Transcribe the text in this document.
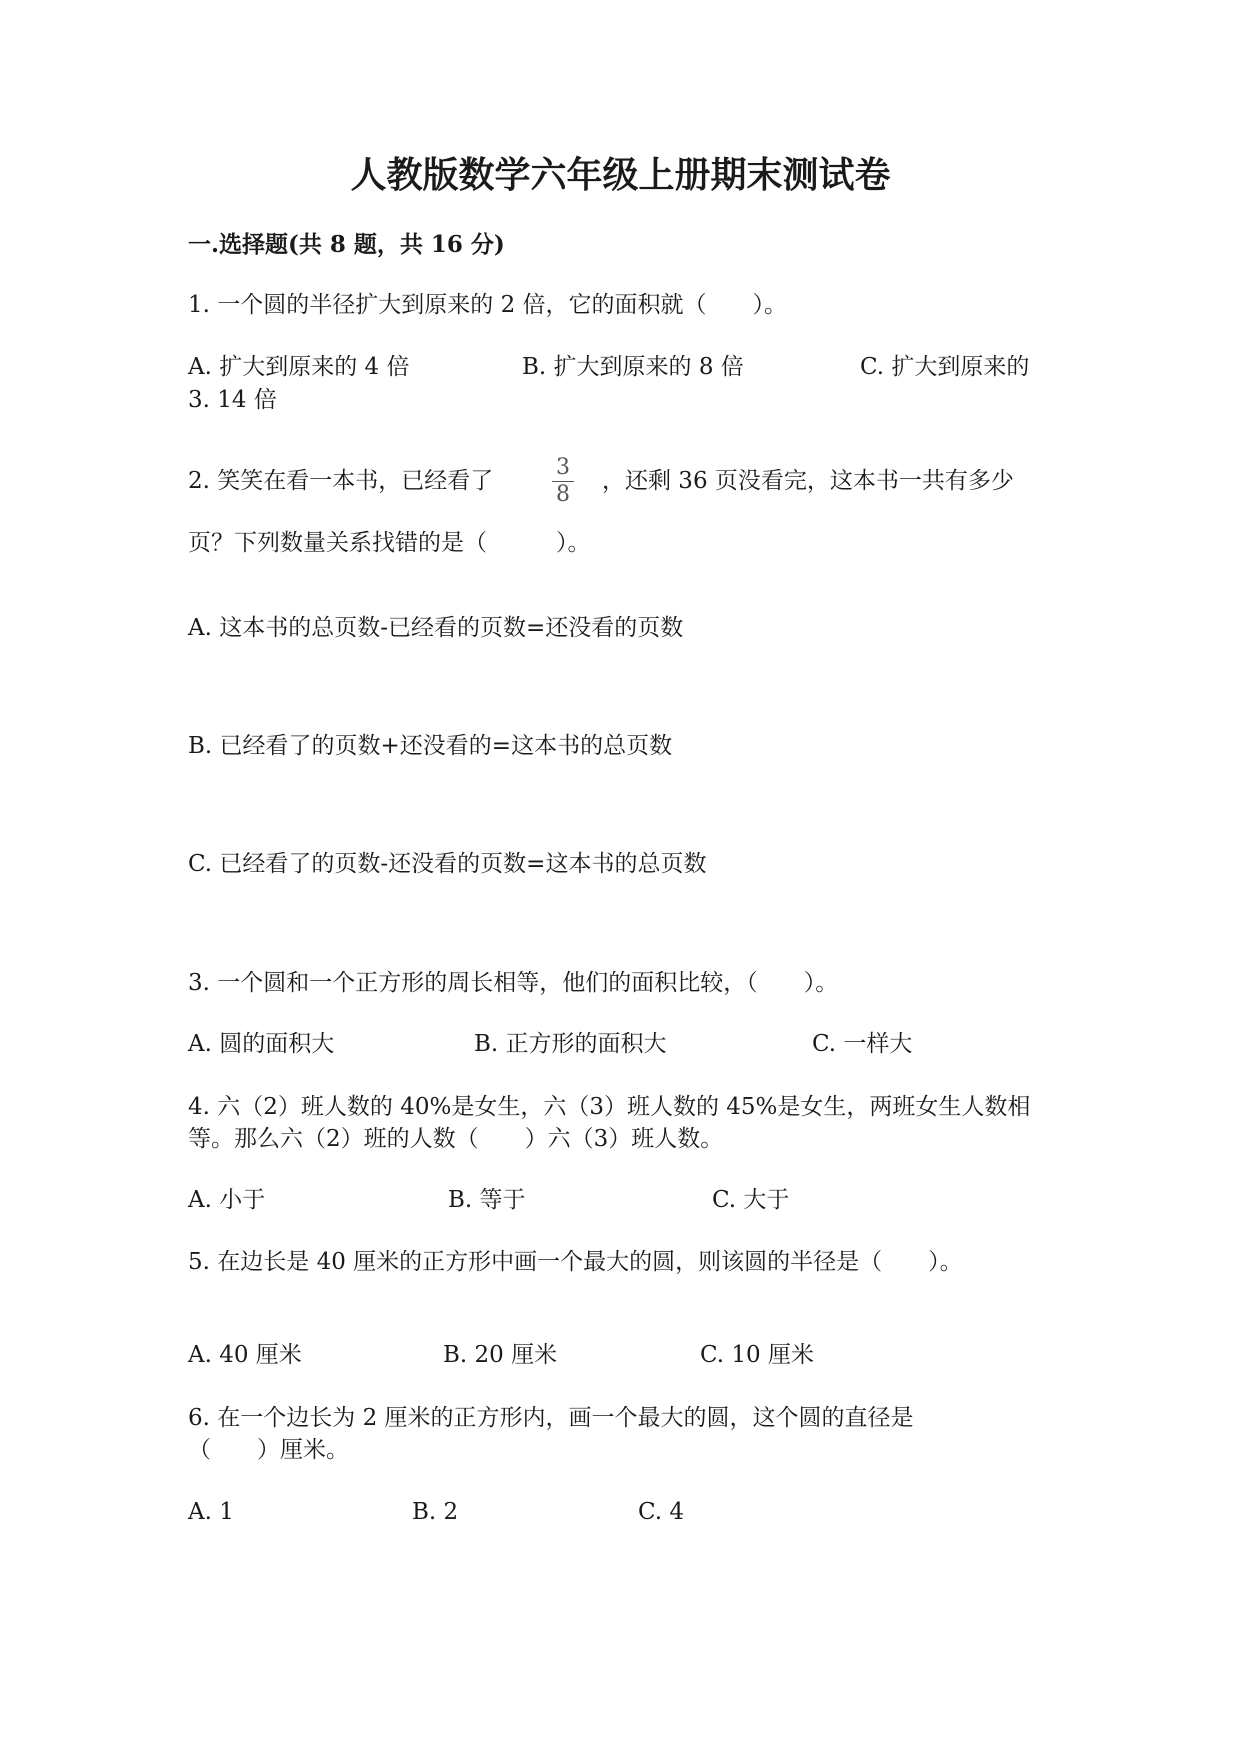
人教版数学六年级上册期末测试卷
一.选择题(共 8 题，共 16 分)
1. 一个圆的半径扩大到原来的 2 倍，它的面积就（　　）。
A. 扩大到原来的 4 倍	B. 扩大到原来的 8 倍	C. 扩大到原来的
3. 14 倍
2. 笑笑在看一本书，已经看了
3
8
，还剩 36 页没看完，这本书一共有多少
页？下列数量关系找错的是（　　　）。
A. 这本书的总页数-已经看的页数=还没看的页数
B. 已经看了的页数+还没看的=这本书的总页数
C. 已经看了的页数-还没看的页数=这本书的总页数
3. 一个圆和一个正方形的周长相等，他们的面积比较，（　　）。
A. 圆的面积大	B. 正方形的面积大	C. 一样大
4. 六（2）班人数的 40%是女生，六（3）班人数的 45%是女生，两班女生人数相
等。那么六（2）班的人数（　　）六（3）班人数。
A. 小于	B. 等于	C. 大于
5. 在边长是 40 厘米的正方形中画一个最大的圆，则该圆的半径是（　　）。
A. 40 厘米	B. 20 厘米	C. 10 厘米
6. 在一个边长为 2 厘米的正方形内，画一个最大的圆，这个圆的直径是
（　　）厘米。
A. 1	B. 2	C. 4
